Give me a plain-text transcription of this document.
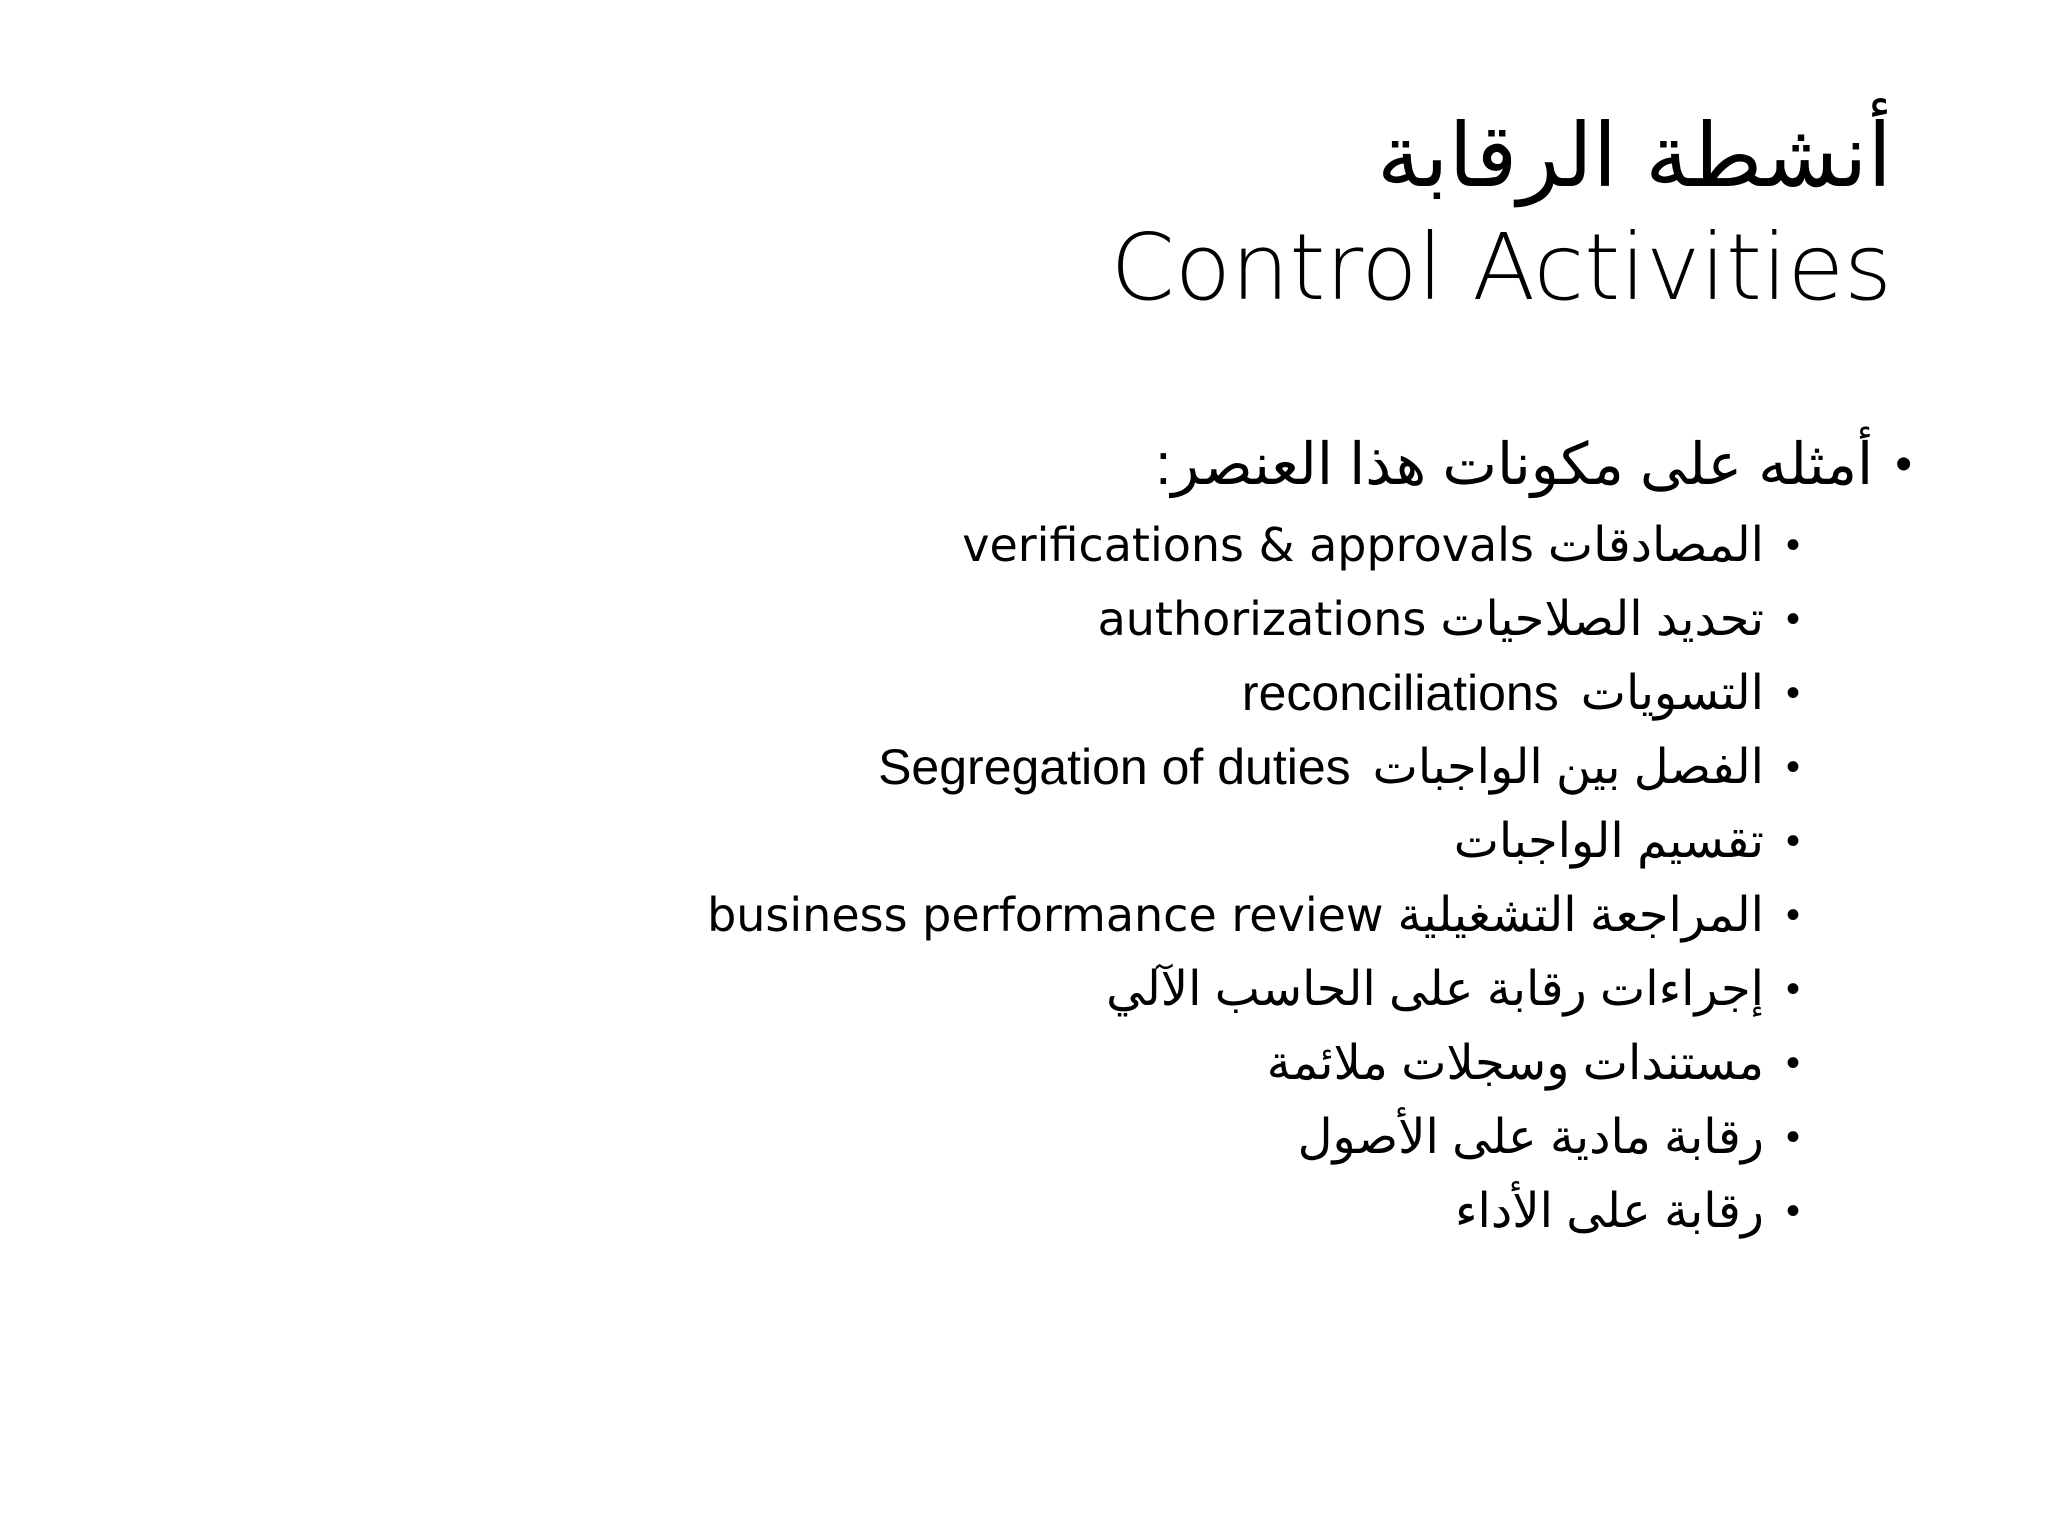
أنشطة الرقابة
Control Activities
•
أمثله على مكونات هذا العنصر:
•
المصادقات
verifications & approvals
•
تحديد الصلاحيات
authorizations
•
التسويات
reconciliations
•
الفصل بين الواجبات
Segregation of duties
•
تقسيم الواجبات
•
المراجعة التشغيلية
business performance review
•
إجراءات رقابة على الحاسب الآلي
•
مستندات وسجلات ملائمة
•
رقابة مادية على الأصول
•
رقابة على الأداء
